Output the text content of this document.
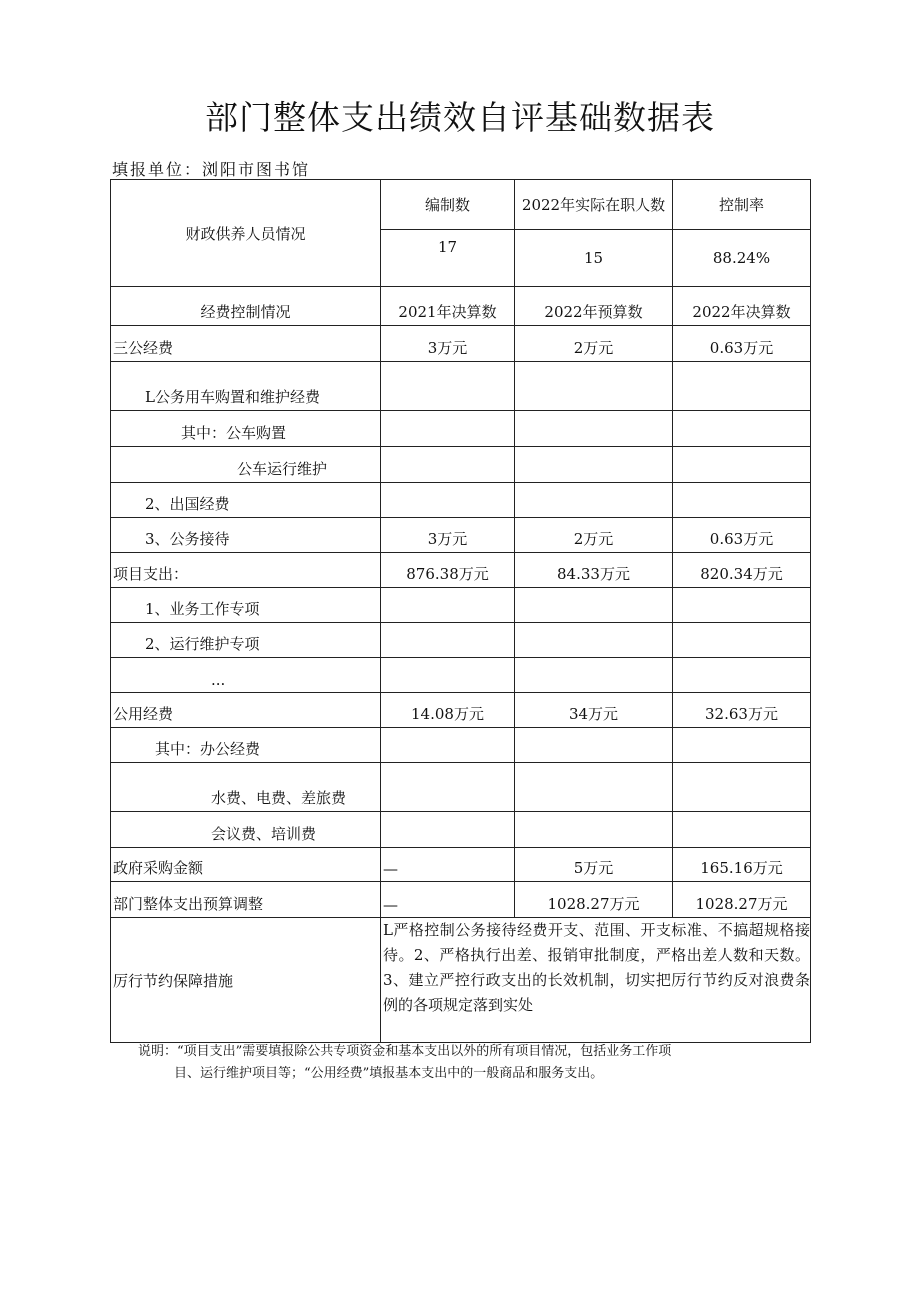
部门整体支出绩效自评基础数据表
填报单位：浏阳市图书馆
财政供养人员情况	编制数	2022年实际在职人数	控制率
	17	15	88.24%
经费控制情况	2021年决算数	2022年预算数	2022年决算数
三公经费	3万元	2万元	0.63万元
L公务用车购置和维护经费			
其中：公车购置			
公车运行维护			
2、出国经费			
3、公务接待	3万元	2万元	0.63万元
项目支出：	876.38万元	84.33万元	820.34万元
1、业务工作专项			
2、运行维护专项			
...			
公用经费	14.08万元	34万元	32.63万元
其中：办公经费			
水费、电费、差旅费			
会议费、培训费			
政府采购金额	—	5万元	165.16万元
部门整体支出预算调整	—	1028.27万元	1028.27万元
厉行节约保障措施	L严格控制公务接待经费开支、范围、开支标准、不搞超规格接待。2、严格执行出差、报销审批制度，严格出差人数和天数。3、建立严控行政支出的长效机制，切实把厉行节约反对浪费条例的各项规定落到实处		
说明：“项目支出”需要填报除公共专项资金和基本支出以外的所有项目情况，包括业务工作项
目、运行维护项目等；“公用经费”填报基本支出中的一般商品和服务支出。
